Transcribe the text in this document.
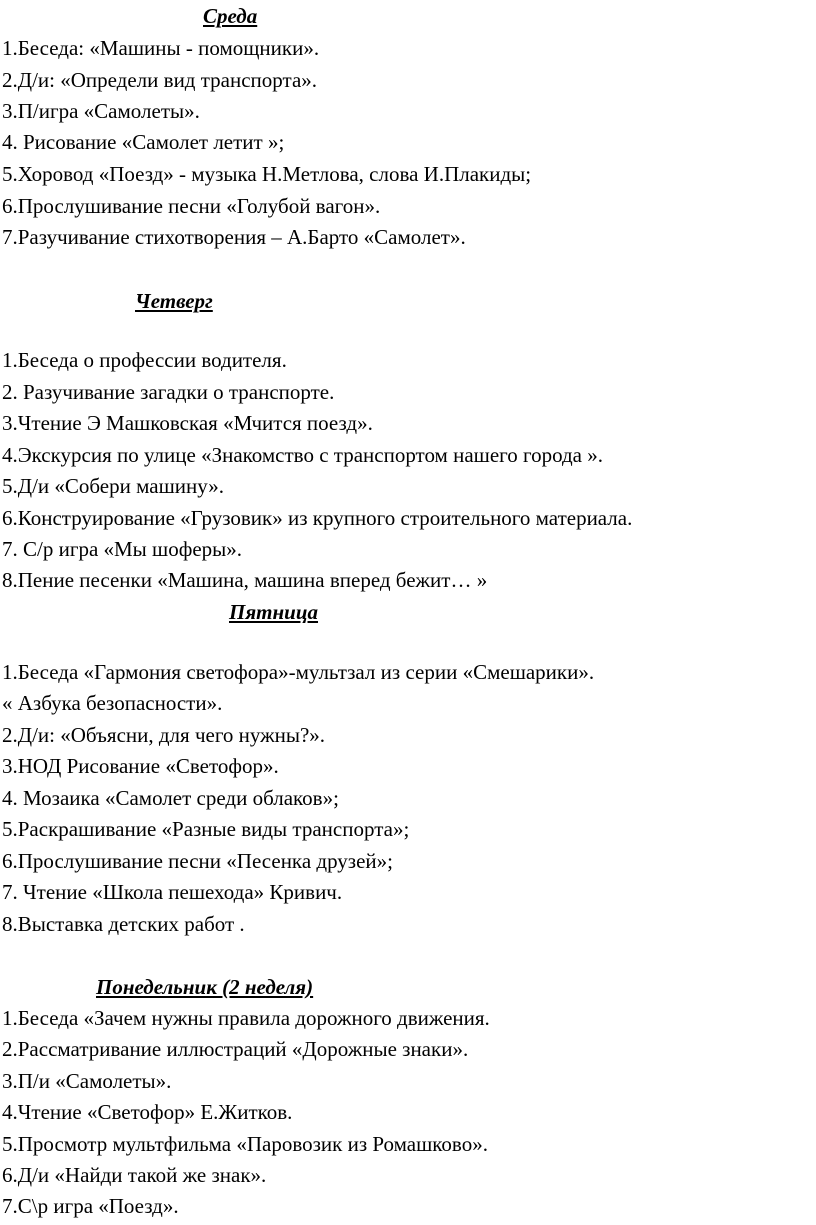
Среда
1.Беседа: «Машины - помощники».
2.Д/и: «Определи вид транспорта».
3.П/игра «Самолеты».
4. Рисование «Самолет летит »;
5.Хоровод «Поезд» - музыка Н.Метлова, слова И.Плакиды;
6.Прослушивание песни «Голубой вагон».
7.Разучивание стихотворения – А.Барто «Самолет».
Четверг
1.Беседа о профессии водителя.
2. Разучивание загадки о транспорте.
3.Чтение Э Машковская «Мчится поезд».
4.Экскурсия по улице «Знакомство с транспортом нашего города ».
5.Д/и «Собери машину».
6.Конструирование «Грузовик» из крупного строительного материала.
7. С/р игра «Мы шоферы».
8.Пение песенки «Машина, машина вперед бежит… »
Пятница
1.Беседа «Гармония светофора»-мультзал из серии «Смешарики».
« Азбука безопасности».
2.Д/и: «Объясни, для чего нужны?».
3.НОД Рисование «Светофор».
4. Мозаика «Самолет среди облаков»;
5.Раскрашивание «Разные виды транспорта»;
6.Прослушивание песни «Песенка друзей»;
7. Чтение «Школа пешехода» Кривич.
8.Выставка детских работ .
Понедельник (2 неделя)
1.Беседа «Зачем нужны правила дорожного движения.
2.Рассматривание иллюстраций «Дорожные знаки».
3.П/и «Самолеты».
4.Чтение «Светофор» Е.Житков.
5.Просмотр мультфильма «Паровозик из Ромашково».
6.Д/и «Найди такой же знак».
7.С\р игра «Поезд».
